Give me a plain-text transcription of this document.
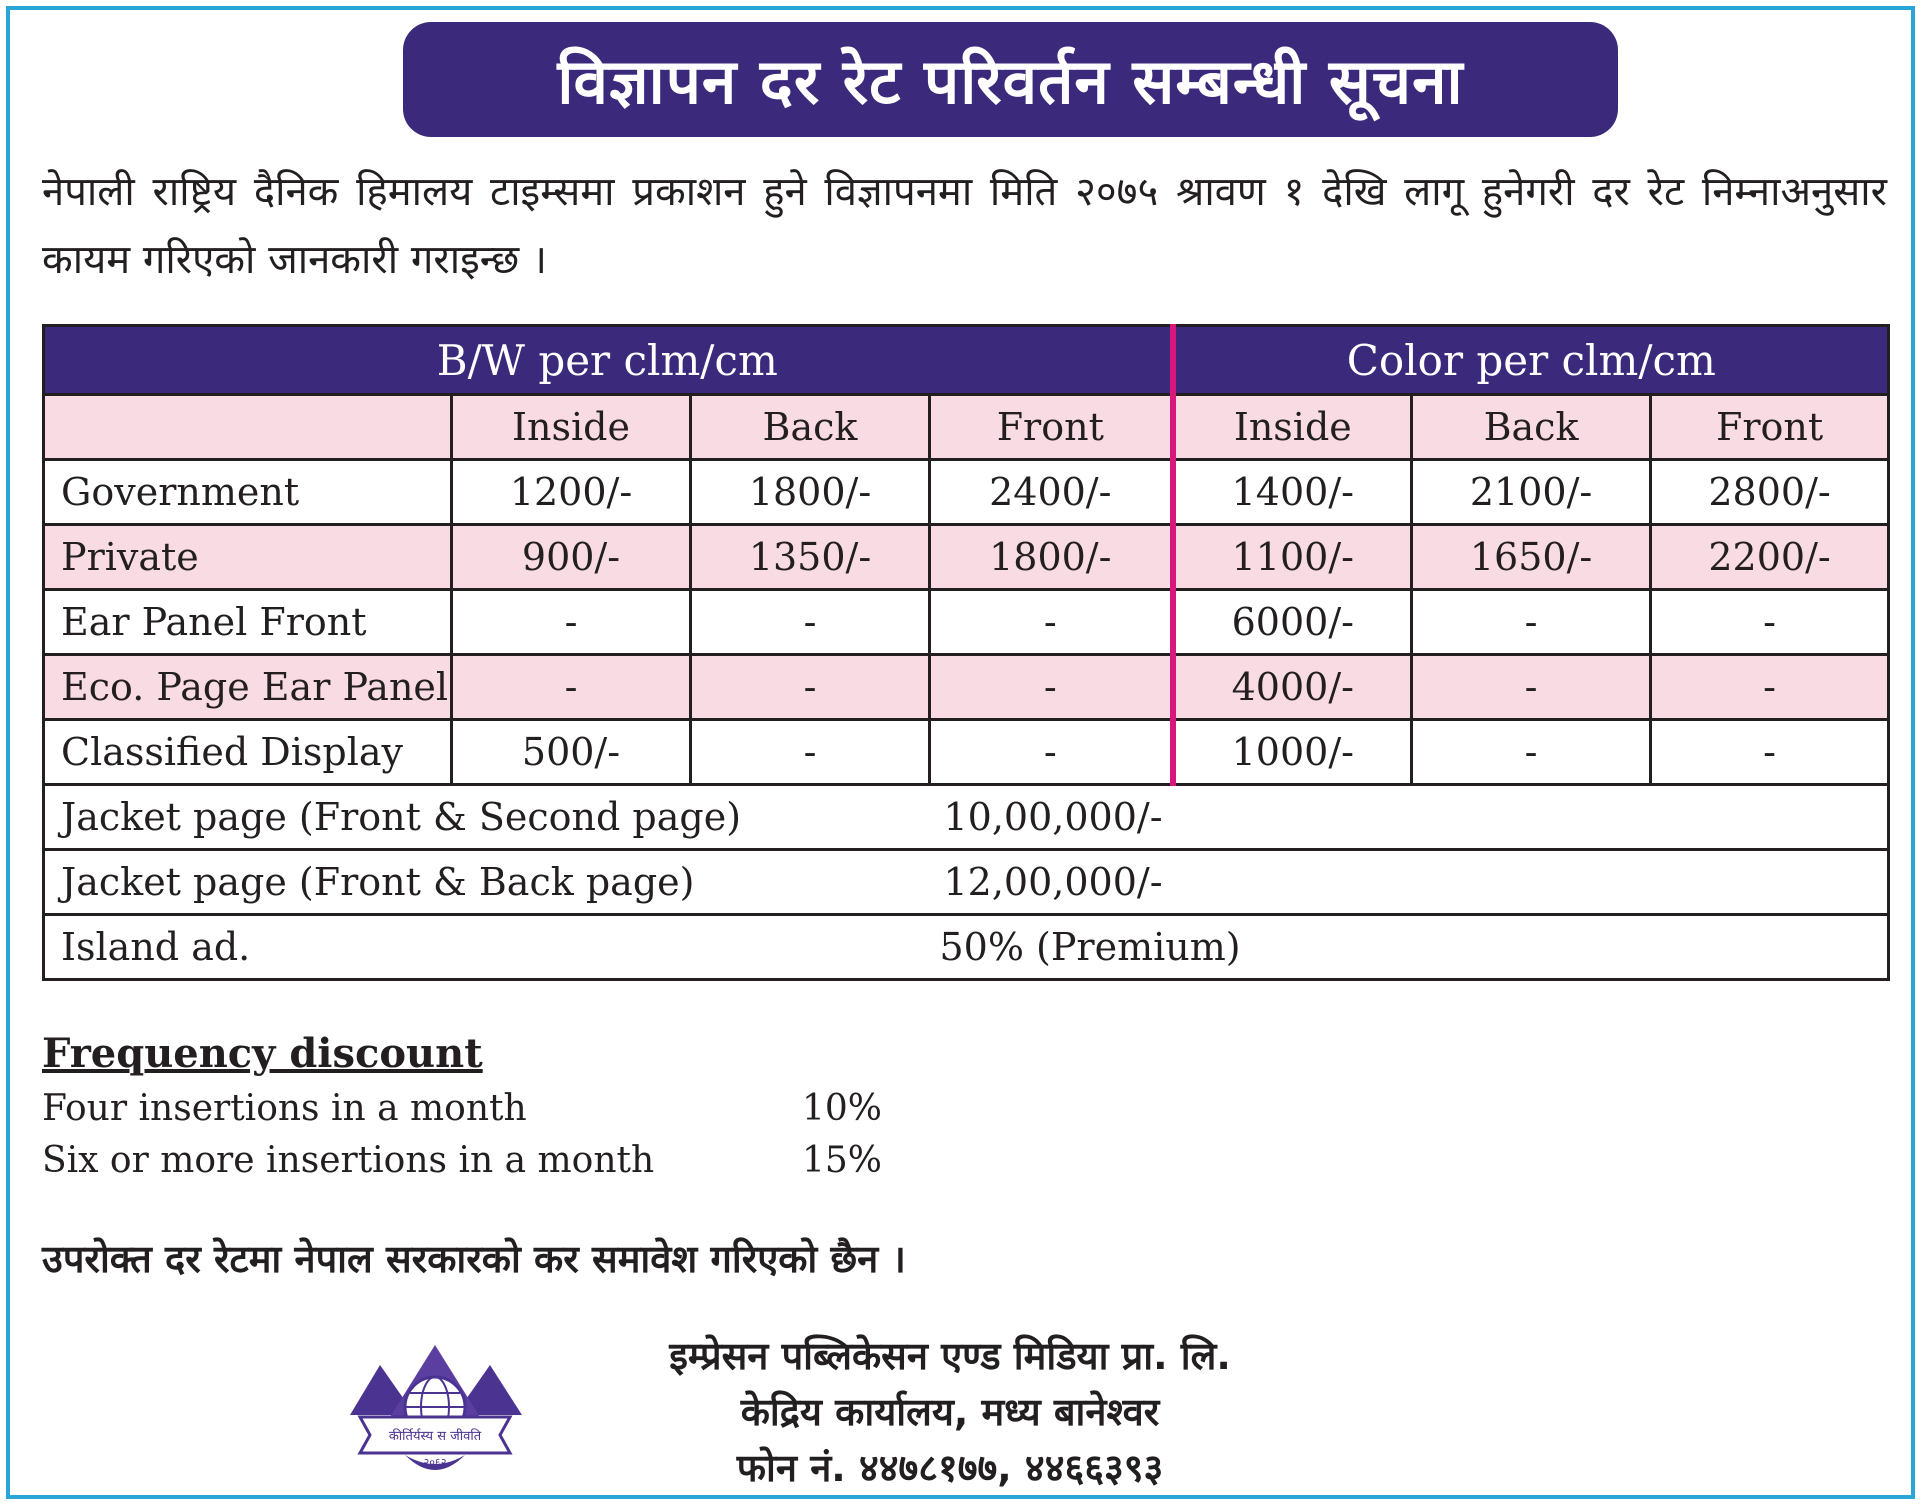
विज्ञापन दर रेट परिवर्तन सम्बन्धी सूचना
नेपाली राष्ट्रिय दैनिक हिमालय टाइम्समा प्रकाशन हुने विज्ञापनमा मिति २०७५ श्रावण १ देखि लागू हुनेगरी दर रेट निम्नाअनुसार कायम गरिएको जानकारी गराइन्छ ।
B/W per clm/cm				Color per clm/cm		
	Inside	Back	Front	Inside	Back	Front
Government	1200/-	1800/-	2400/-	1400/-	2100/-	2800/-
Private	900/-	1350/-	1800/-	1100/-	1650/-	2200/-
Ear Panel Front	-	-	-	6000/-	-	-
Eco. Page Ear Panel	-	-	-	4000/-	-	-
Classified Display	500/-	-	-	1000/-	-	-
Jacket page (Front & Second page)			10,00,000/-			
Jacket page (Front & Back page)			12,00,000/-			
Island ad.			50% (Premium)			
Frequency discount
Four insertions in a month	10%
Six or more insertions in a month	15%
उपरोक्त दर रेटमा नेपाल सरकारको कर समावेश गरिएको छैन ।
कीर्तिर्यस्य स जीवति
२०६२
इम्प्रेसन पब्लिकेसन एण्ड मिडिया प्रा. लि.
केद्रिय कार्यालय, मध्य बानेश्वर
फोन नं. ४४७८१७७, ४४६६३९३
